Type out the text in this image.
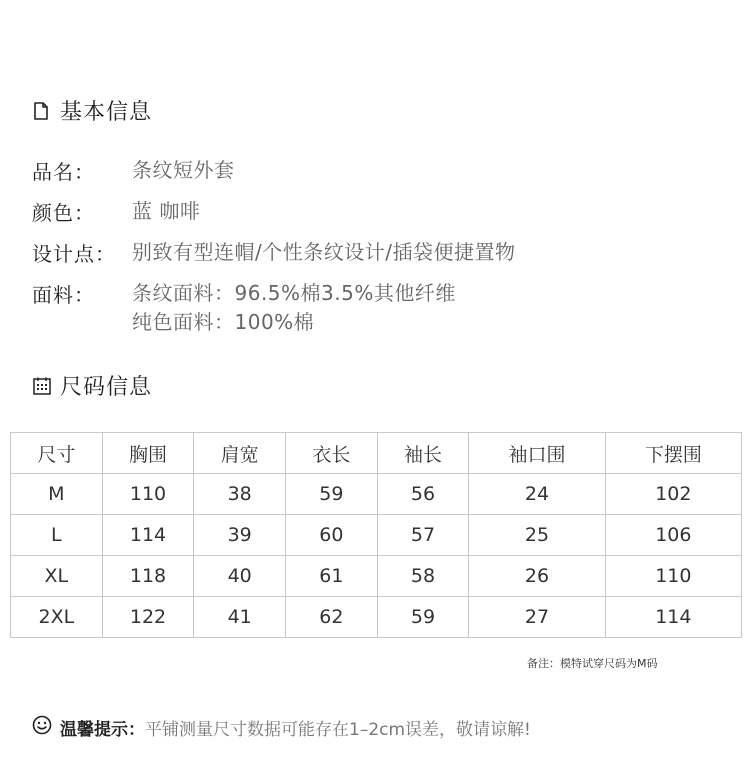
基本信息
品名：	条纹短外套
颜色：	蓝 咖啡
设计点： 别致有型连帽/个性条纹设计/插袋便捷置物
面料：	条纹面料：96.5%棉3.5%其他纤维
纯色面料：100%棉
尺码信息
尺寸	胸围	肩宽	衣长	袖长	袖口围	下摆围
M	110	38	59	56	24	102
L	114	39	60	57	25	106
XL	118	40	61	58	26	110
2XL	122	41	62	59	27	114
备注：模特试穿尺码为M码
温馨提示： 平铺测量尺寸数据可能存在1–2cm误差，敬请谅解!
